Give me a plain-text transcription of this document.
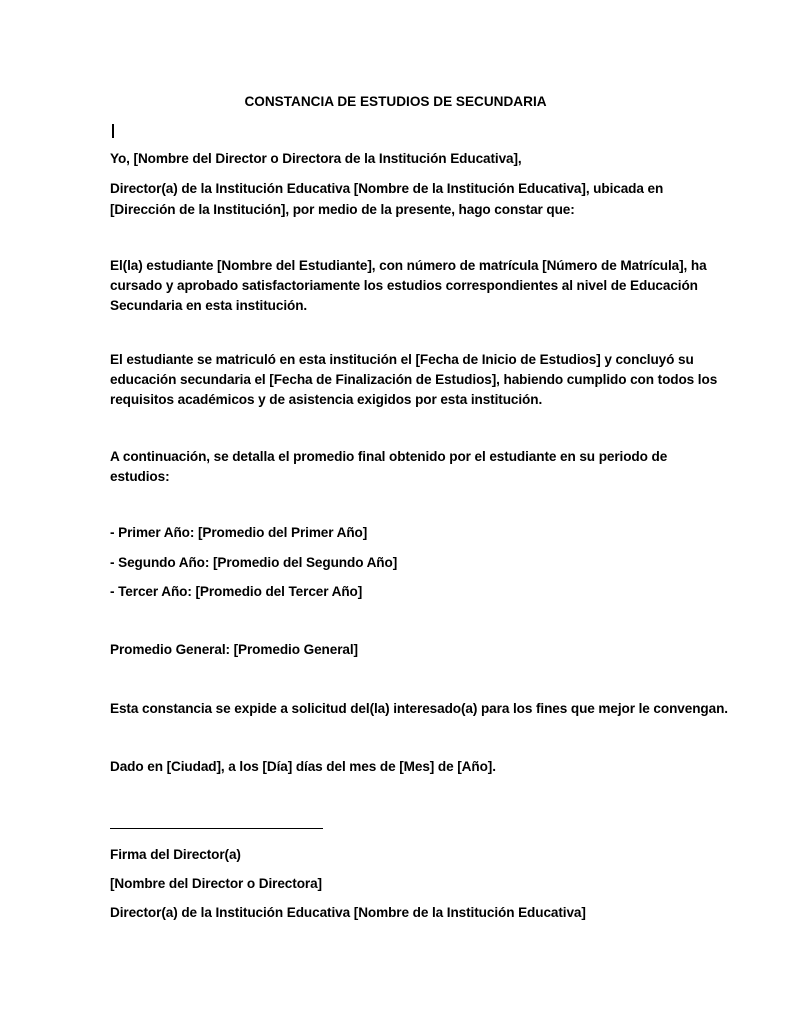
CONSTANCIA DE ESTUDIOS DE SECUNDARIA
Yo, [Nombre del Director o Directora de la Institución Educativa],
Director(a) de la Institución Educativa [Nombre de la Institución Educativa], ubicada en
[Dirección de la Institución], por medio de la presente, hago constar que:
El(la) estudiante [Nombre del Estudiante], con número de matrícula [Número de Matrícula], ha
cursado y aprobado satisfactoriamente los estudios correspondientes al nivel de Educación
Secundaria en esta institución.
El estudiante se matriculó en esta institución el [Fecha de Inicio de Estudios] y concluyó su
educación secundaria el [Fecha de Finalización de Estudios], habiendo cumplido con todos los
requisitos académicos y de asistencia exigidos por esta institución.
A continuación, se detalla el promedio final obtenido por el estudiante en su periodo de
estudios:
- Primer Año: [Promedio del Primer Año]
- Segundo Año: [Promedio del Segundo Año]
- Tercer Año: [Promedio del Tercer Año]
Promedio General: [Promedio General]
Esta constancia se expide a solicitud del(la) interesado(a) para los fines que mejor le convengan.
Dado en [Ciudad], a los [Día] días del mes de [Mes] de [Año].
Firma del Director(a)
[Nombre del Director o Directora]
Director(a) de la Institución Educativa [Nombre de la Institución Educativa]
